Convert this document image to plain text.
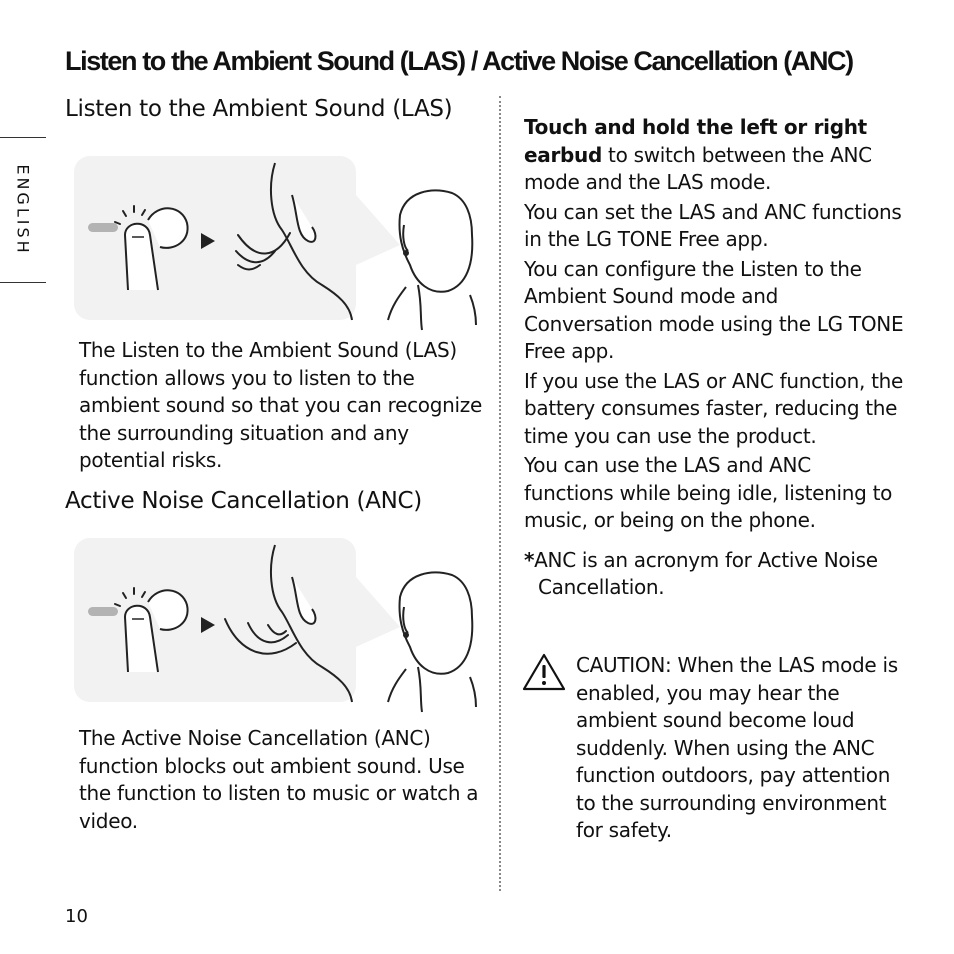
Listen to the Ambient Sound (LAS) / Active Noise Cancellation (ANC)
ENGLISH
Listen to the Ambient Sound (LAS)

The Listen to the Ambient Sound (LAS) function allows you to listen to the ambient sound so that you can recognize the surrounding situation and any potential risks.

Active Noise Cancellation (ANC)

The Active Noise Cancellation (ANC) function blocks out ambient sound. Use the function to listen to music or watch a video.

Touch and hold the left or right earbud to switch between the ANC mode and the LAS mode.

You can set the LAS and ANC functions in the LG TONE Free app.

You can configure the Listen to the Ambient Sound mode and Conversation mode using the LG TONE Free app.

If you use the LAS or ANC function, the battery consumes faster, reducing the time you can use the product.

You can use the LAS and ANC functions while being idle, listening to music, or being on the phone.

*ANC is an acronym for Active Noise Cancellation.

CAUTION: When the LAS mode is enabled, you may hear the ambient sound become loud suddenly. When using the ANC function outdoors, pay attention to the surrounding environment for safety.

10
